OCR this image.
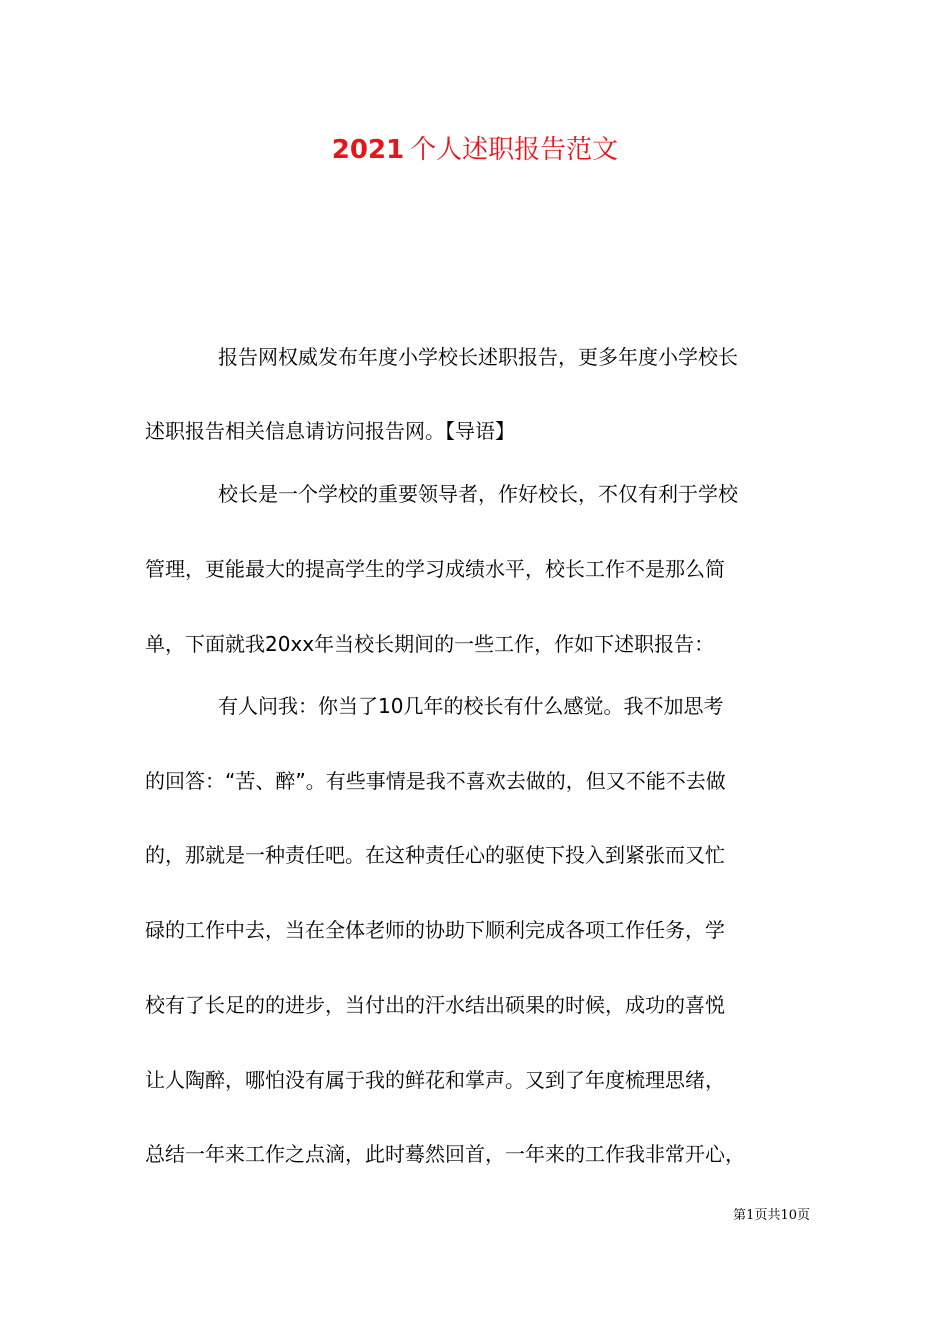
2021 个人述职报告范文
报告网权威发布年度小学校长述职报告，更多年度小学校长
述职报告相关信息请访问报告网。【导语】
校长是一个学校的重要领导者，作好校长，不仅有利于学校
管理，更能最大的提高学生的学习成绩水平，校长工作不是那么简
单，下面就我20xx年当校长期间的一些工作，作如下述职报告：
有人问我：你当了10几年的校长有什么感觉。我不加思考
的回答：“苦、醉”。有些事情是我不喜欢去做的，但又不能不去做
的，那就是一种责任吧。在这种责任心的驱使下投入到紧张而又忙
碌的工作中去，当在全体老师的协助下顺利完成各项工作任务，学
校有了长足的的进步，当付出的汗水结出硕果的时候，成功的喜悦
让人陶醉，哪怕没有属于我的鲜花和掌声。又到了年度梳理思绪，
总结一年来工作之点滴，此时蓦然回首，一年来的工作我非常开心，
第1页共10页
